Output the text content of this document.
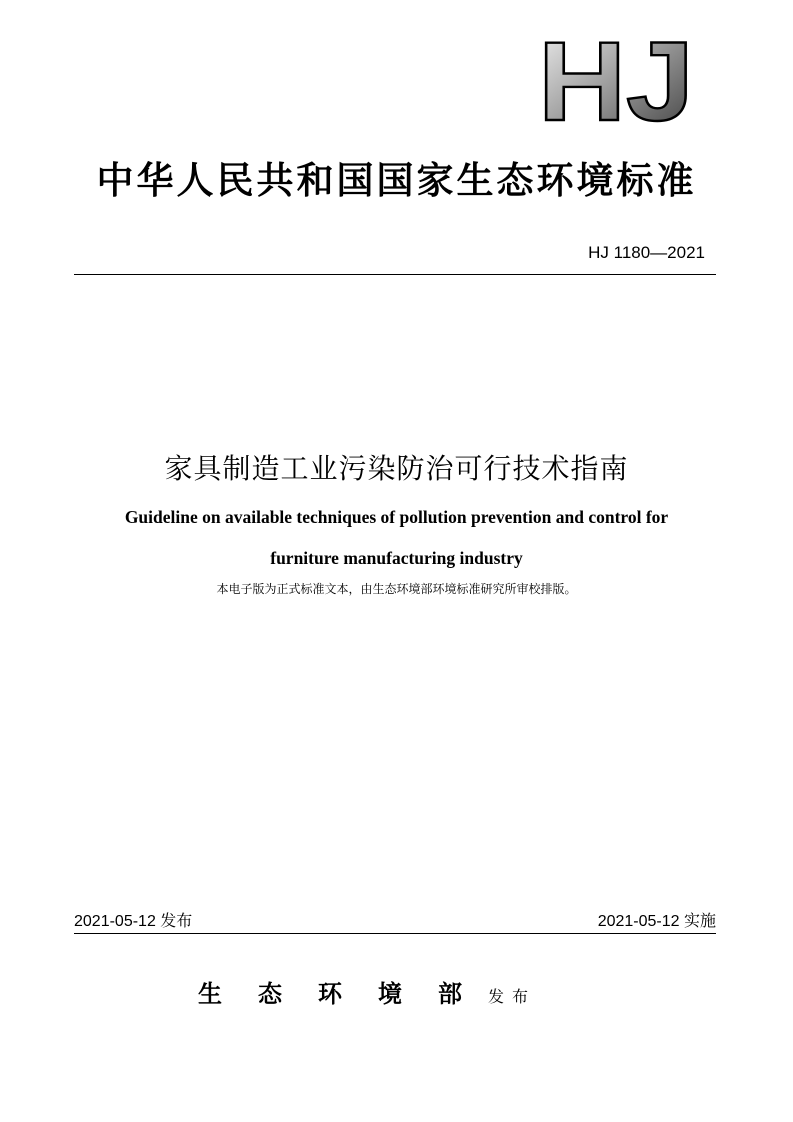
HJ
中华人民共和国国家生态环境标准
HJ 1180—2021
家具制造工业污染防治可行技术指南
Guideline on available techniques of pollution prevention and control for
furniture manufacturing industry
本电子版为正式标准文本，由生态环境部环境标准研究所审校排版。
2021-05-12 发布	2021-05-12 实施
生态环境部发布
